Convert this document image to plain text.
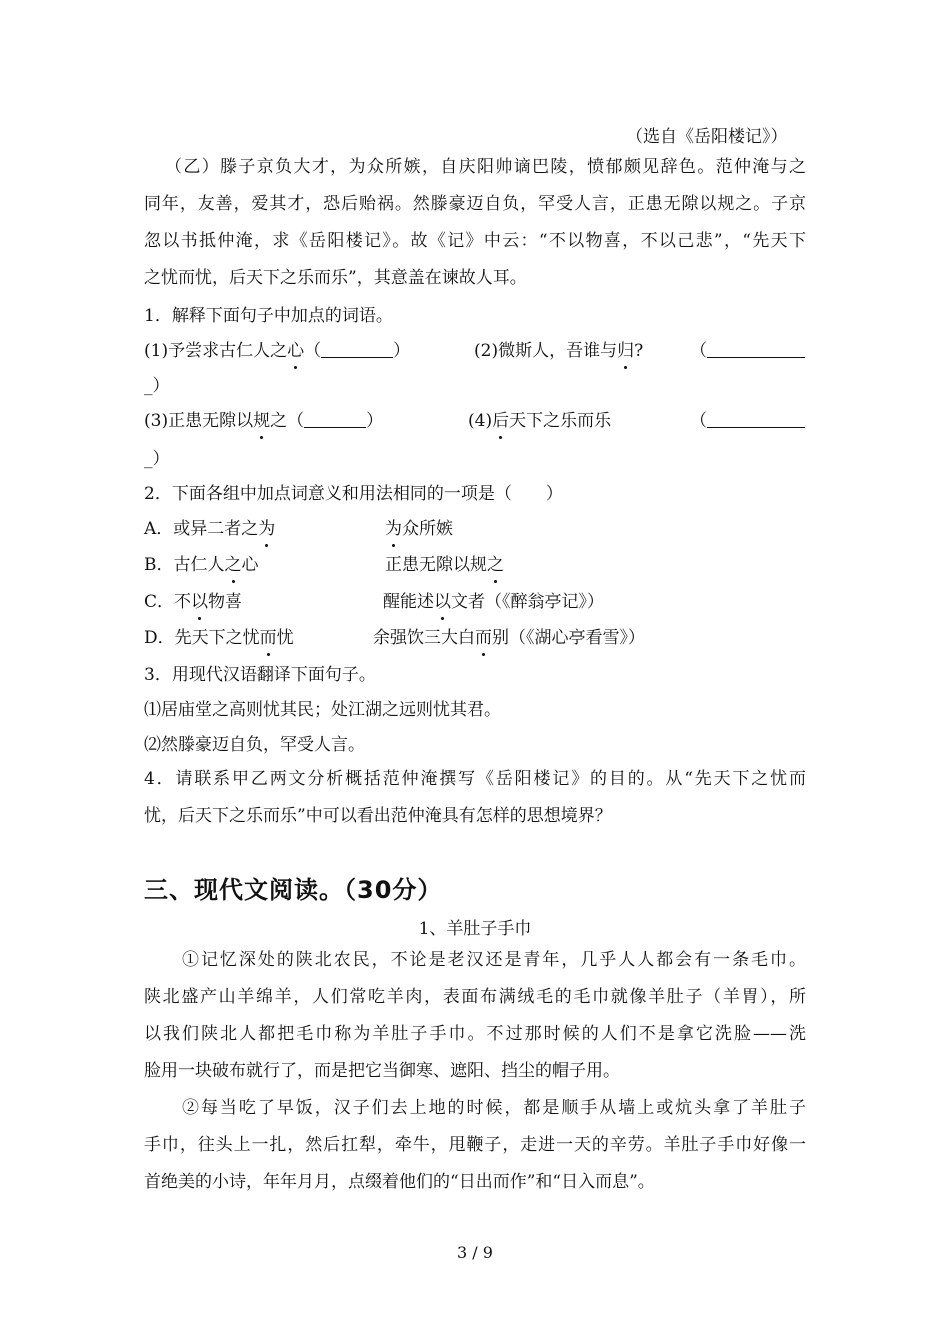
（选自《岳阳楼记》）
（乙）滕子京负大才，为众所嫉，自庆阳帅谪巴陵，愤郁颇见辞色。范仲淹与之
同年，友善，爱其才，恐后贻祸。然滕豪迈自负，罕受人言，正患无隙以规之。子京
忽以书抵仲淹，求《岳阳楼记》。故《记》中云：“不以物喜，不以己悲”，“先天下
之忧而忧，后天下之乐而乐”，其意盖在谏故人耳。
1．解释下面句子中加点的词语。
(1)予尝求古仁人之心（	）	(2)微斯人，吾谁与归?	（
_）
(3)正患无隙以规之（	）	(4)后天下之乐而乐	（
_）
2．下面各组中加点词意义和用法相同的一项是（　　）
A．或异二者之为	为众所嫉
B．古仁人之心	正患无隙以规之
C．不以物喜	醒能述以文者（《醉翁亭记》）
D．先天下之忧而忧	余强饮三大白而别（《湖心亭看雪》）
3．用现代汉语翻译下面句子。
⑴居庙堂之高则忧其民；处江湖之远则忧其君。
⑵然滕豪迈自负，罕受人言。
4．请联系甲乙两文分析概括范仲淹撰写《岳阳楼记》的目的。从“先天下之忧而
忧，后天下之乐而乐”中可以看出范仲淹具有怎样的思想境界？
三、现代文阅读。（30分）
1、羊肚子手巾
①记忆深处的陕北农民，不论是老汉还是青年，几乎人人都会有一条毛巾。
陕北盛产山羊绵羊，人们常吃羊肉，表面布满绒毛的毛巾就像羊肚子（羊胃），所
以我们陕北人都把毛巾称为羊肚子手巾。不过那时候的人们不是拿它洗脸——洗
脸用一块破布就行了，而是把它当御寒、遮阳、挡尘的帽子用。
②每当吃了早饭，汉子们去上地的时候，都是顺手从墙上或炕头拿了羊肚子
手巾，往头上一扎，然后扛犁，牵牛，甩鞭子，走进一天的辛劳。羊肚子手巾好像一
首绝美的小诗，年年月月，点缀着他们的“日出而作”和“日入而息”。
3 / 9
